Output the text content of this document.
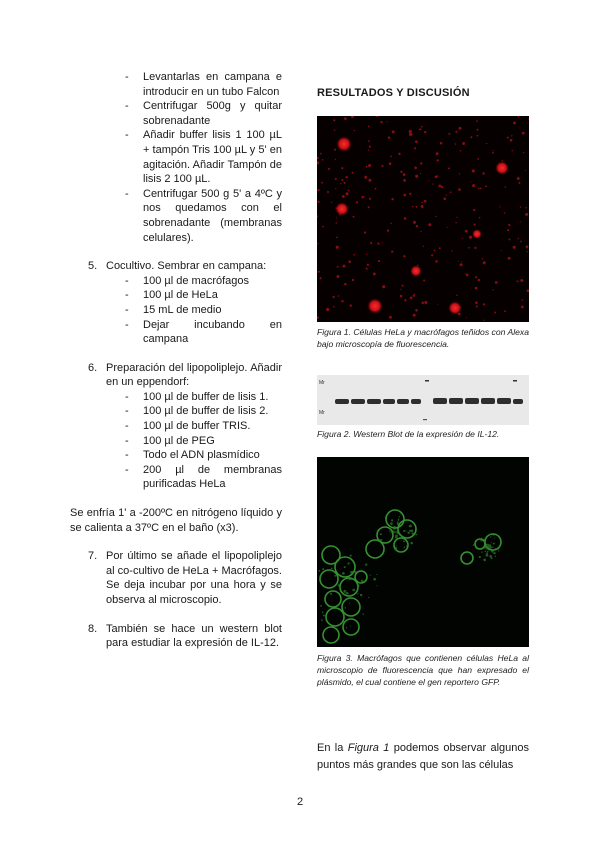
- Levantarlas en campana e introducir en un tubo Falcon
- Centrifugar 500g y quitar sobrenadante
- Añadir buffer lisis 1 100 µL + tampón Tris 100 µL y 5' en agitación. Añadir Tampón de lisis 2 100 µL.
- Centrifugar 500 g 5' a 4ºC y nos quedamos con el sobrenadante (membranas celulares).
5. Cocultivo. Sembrar en campana:
- 100 µl de macrófagos
- 100 µl de HeLa
- 15 mL de medio
- Dejar incubando en campana
6. Preparación del lipopoliplejo. Añadir en un eppendorf:
- 100 µl de buffer de lisis 1.
- 100 µl de buffer de lisis 2.
- 100 µl de buffer TRIS.
- 100 µl de PEG
- Todo el ADN plasmídico
- 200 µl de membranas purificadas HeLa
Se enfría 1' a -200ºC en nitrógeno líquido y se calienta a 37ºC en el baño (x3).
7. Por último se añade el lipopoliplejo al co-cultivo de HeLa + Macrófagos. Se deja incubar por una hora y se observa al microscopio.
8. También se hace un western blot para estudiar la expresión de IL-12.
RESULTADOS Y DISCUSIÓN
Figura 1. Células HeLa y macrófagos teñidos con Alexa bajo microscopía de fluorescencia.
Mr
Mr
Figura 2. Western Blot de la expresión de IL-12.
Figura 3. Macrófagos que contienen células HeLa al microscopio de fluorescencia que han expresado el plásmido, el cual contiene el gen reportero GFP.
En la Figura 1 podemos observar algunos puntos más grandes que son las células
2
